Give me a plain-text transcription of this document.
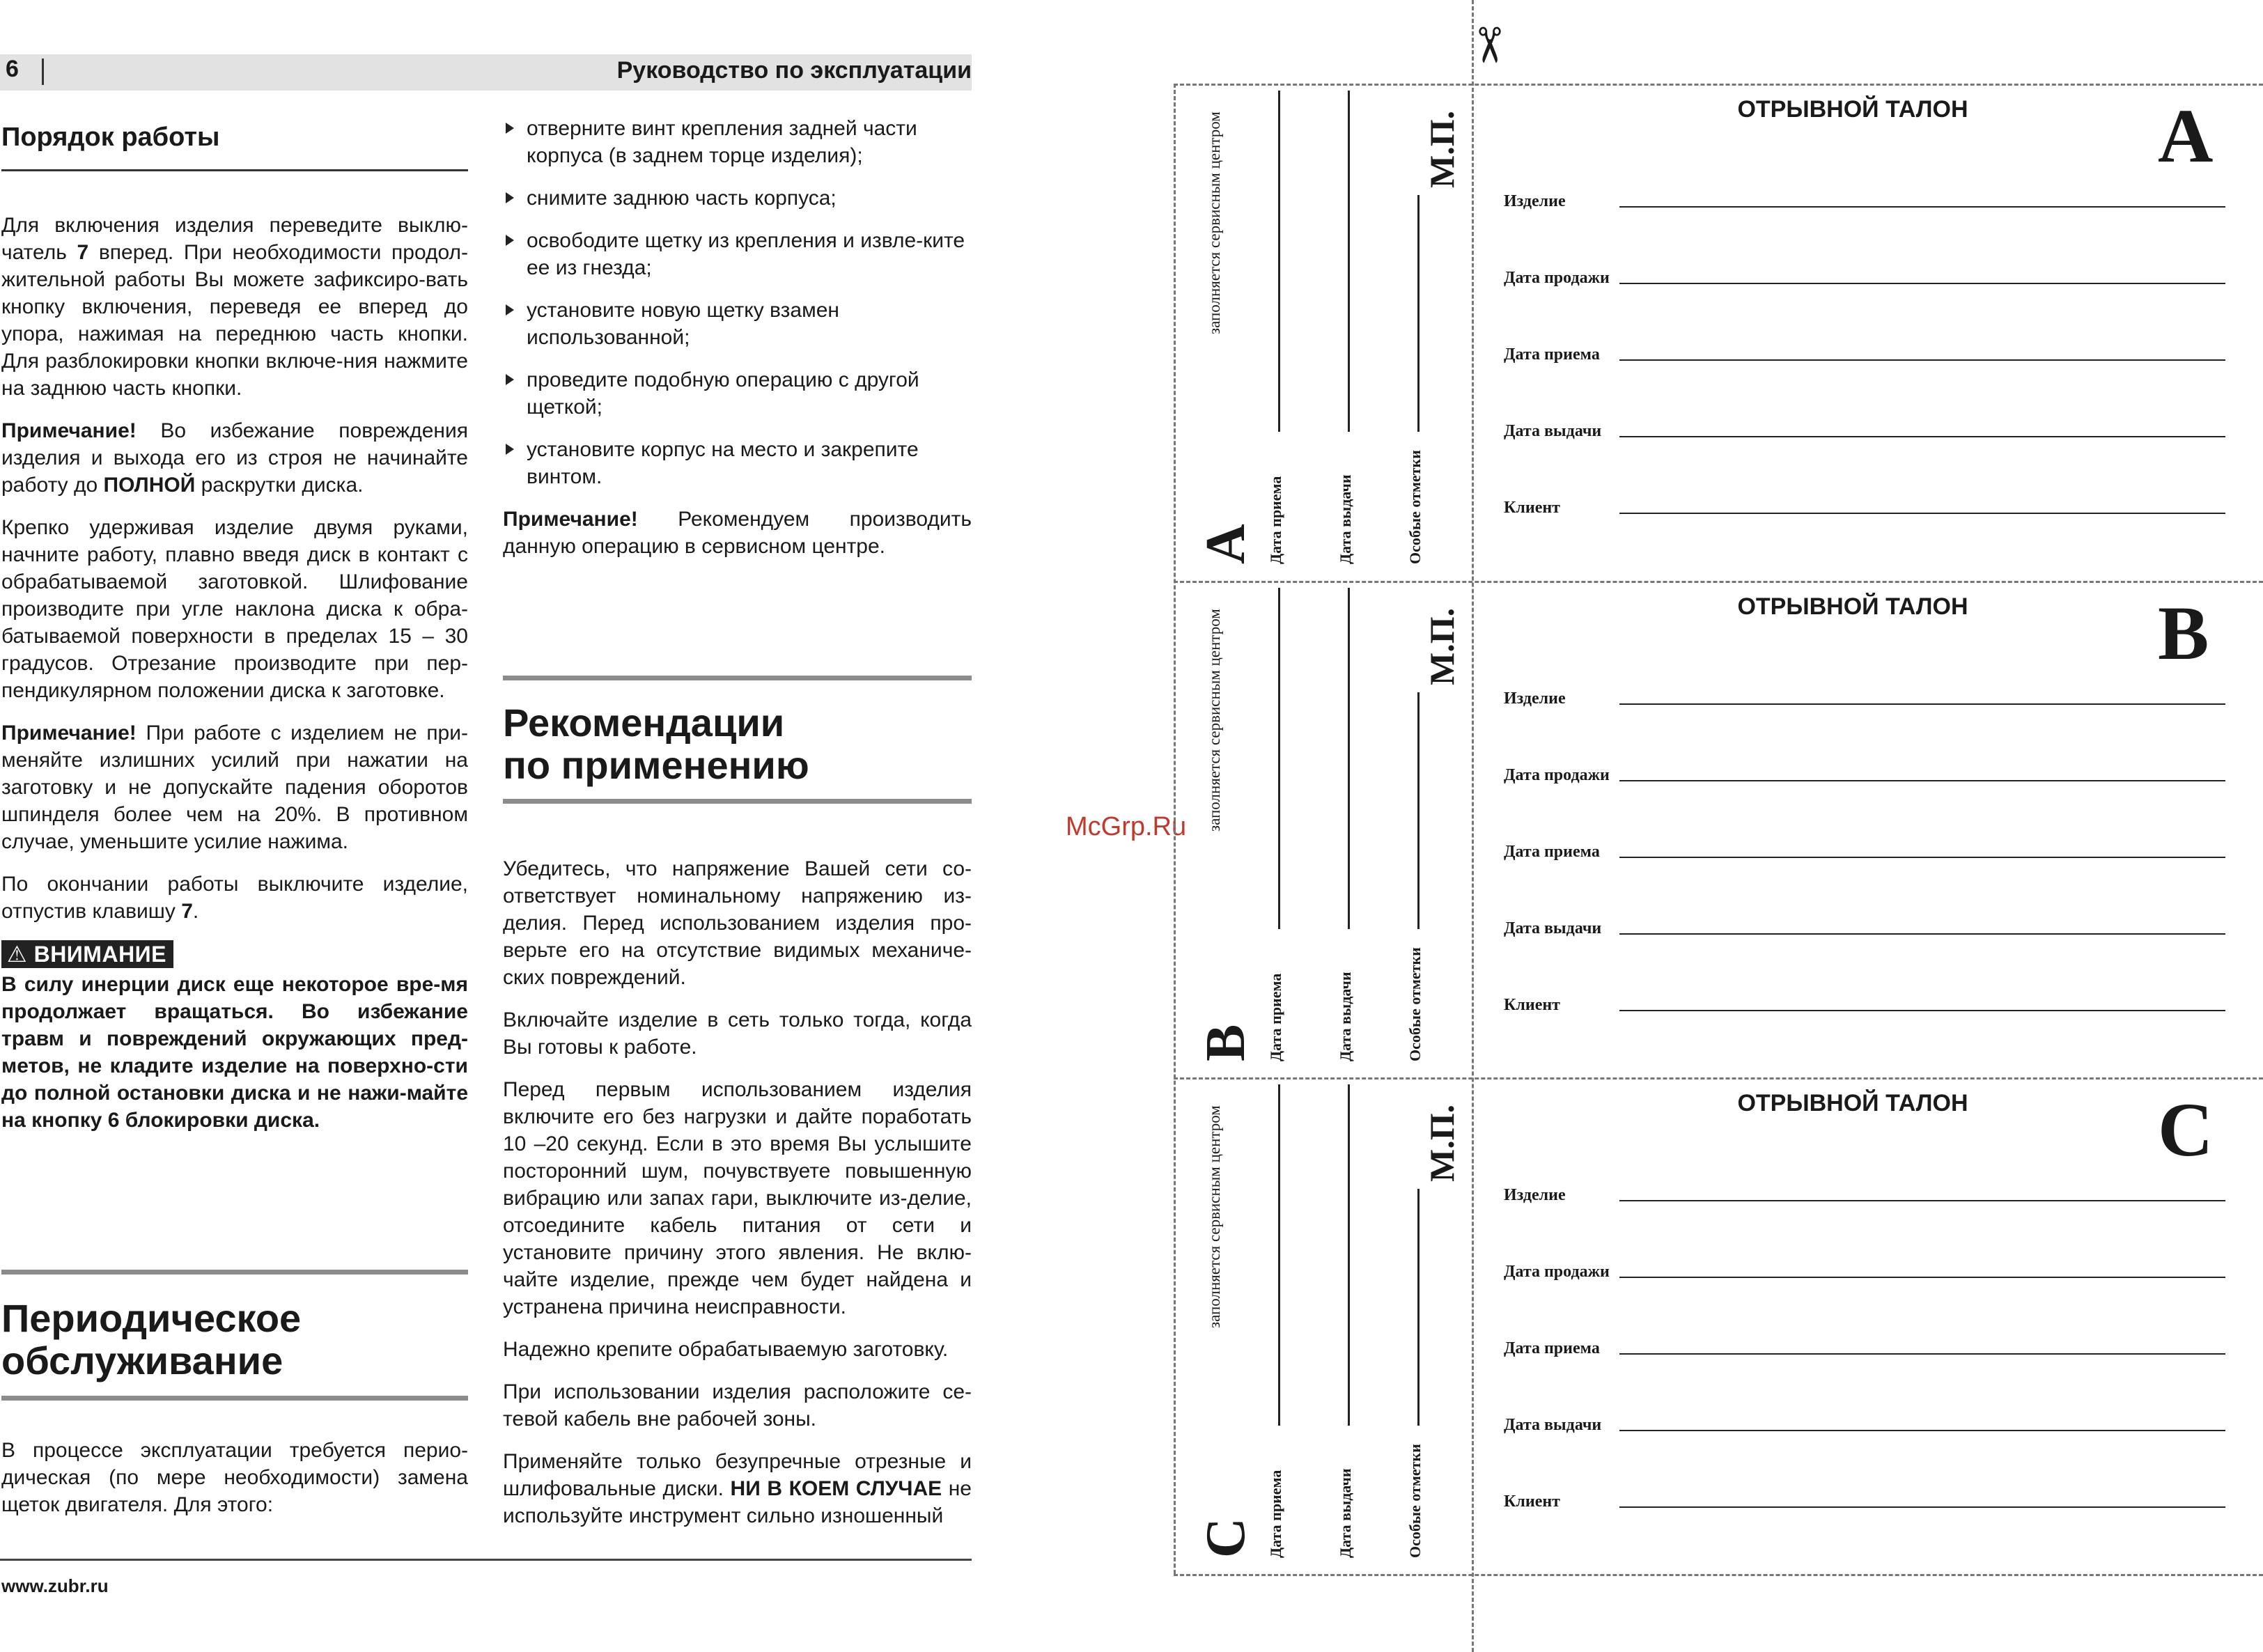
6	Руководство по эксплуатации
Порядок работы

Для включения изделия переведите выклю-чатель 7 вперед. При необходимости продол-жительной работы Вы можете зафиксиро-вать кнопку включения, переведя ее вперед до упора, нажимая на переднюю часть кнопки. Для разблокировки кнопки включе-ния нажмите на заднюю часть кнопки.

Примечание! Во избежание повреждения изделия и выхода его из строя не начинайте работу до ПОЛНОЙ раскрутки диска.

Крепко удерживая изделие двумя руками, начните работу, плавно введя диск в контакт с обрабатываемой заготовкой. Шлифование производите при угле наклона диска к обра-батываемой поверхности в пределах 15 – 30 градусов. Отрезание производите при пер-пендикулярном положении диска к заготовке.

Примечание! При работе с изделием не при-меняйте излишних усилий при нажатии на заготовку и не допускайте падения оборотов шпинделя более чем на 20%. В противном случае, уменьшите усилие нажима.

По окончании работы выключите изделие, отпустив клавишу 7.

⚠ ВНИМАНИЕ

В силу инерции диск еще некоторое вре-мя продолжает вращаться. Во избежание травм и повреждений окружающих пред-метов, не кладите изделие на поверхно-сти до полной остановки диска и не нажи-майте на кнопку 6 блокировки диска.

Периодическое
обслуживание

В процессе эксплуатации требуется перио-дическая (по мере необходимости) замена щеток двигателя. Для этого:

отверните винт крепления задней части корпуса (в заднем торце изделия);
снимите заднюю часть корпуса;
освободите щетку из крепления и извле-ките ее из гнезда;
установите новую щетку взамен использованной;
проведите подобную операцию с другой щеткой;
установите корпус на место и закрепите винтом.

Примечание! Рекомендуем производить данную операцию в сервисном центре.

Рекомендации
по применению

Убедитесь, что напряжение Вашей сети со-ответствует номинальному напряжению из-делия. Перед использованием изделия про-верьте его на отсутствие видимых механиче-ских повреждений.

Включайте изделие в сеть только тогда, когда Вы готовы к работе.

Перед первым использованием изделия включите его без нагрузки и дайте поработать 10 –20 секунд. Если в это время Вы услышите посторонний шум, почувствуете повышенную вибрацию или запах гари, выключите из-делие, отсоедините кабель питания от сети и установите причину этого явления. Не вклю-чайте изделие, прежде чем будет найдена и устранена причина неисправности.

Надежно крепите обрабатываемую заготовку.

При использовании изделия расположите се-тевой кабель вне рабочей зоны.

Применяйте только безупречные отрезные и шлифовальные диски. НИ В КОЕМ СЛУЧАЕ не используйте инструмент сильно изношенный

www.zubr.ru
McGrp.Ru
✂
заполняется сервисным центром
A Дата приема	Дата выдачи	Особые отметки
М.П.
ОТРЫВНОЙ ТАЛОН	A
Изделие
Дата продажи
Дата приема
Дата выдачи
Клиент
заполняется сервисным центром
B Дата приема	Дата выдачи	Особые отметки
М.П.
ОТРЫВНОЙ ТАЛОН	B
Изделие
Дата продажи
Дата приема
Дата выдачи
Клиент
заполняется сервисным центром
C Дата приема	Дата выдачи	Особые отметки
М.П.
ОТРЫВНОЙ ТАЛОН	C
Изделие
Дата продажи
Дата приема
Дата выдачи
Клиент
